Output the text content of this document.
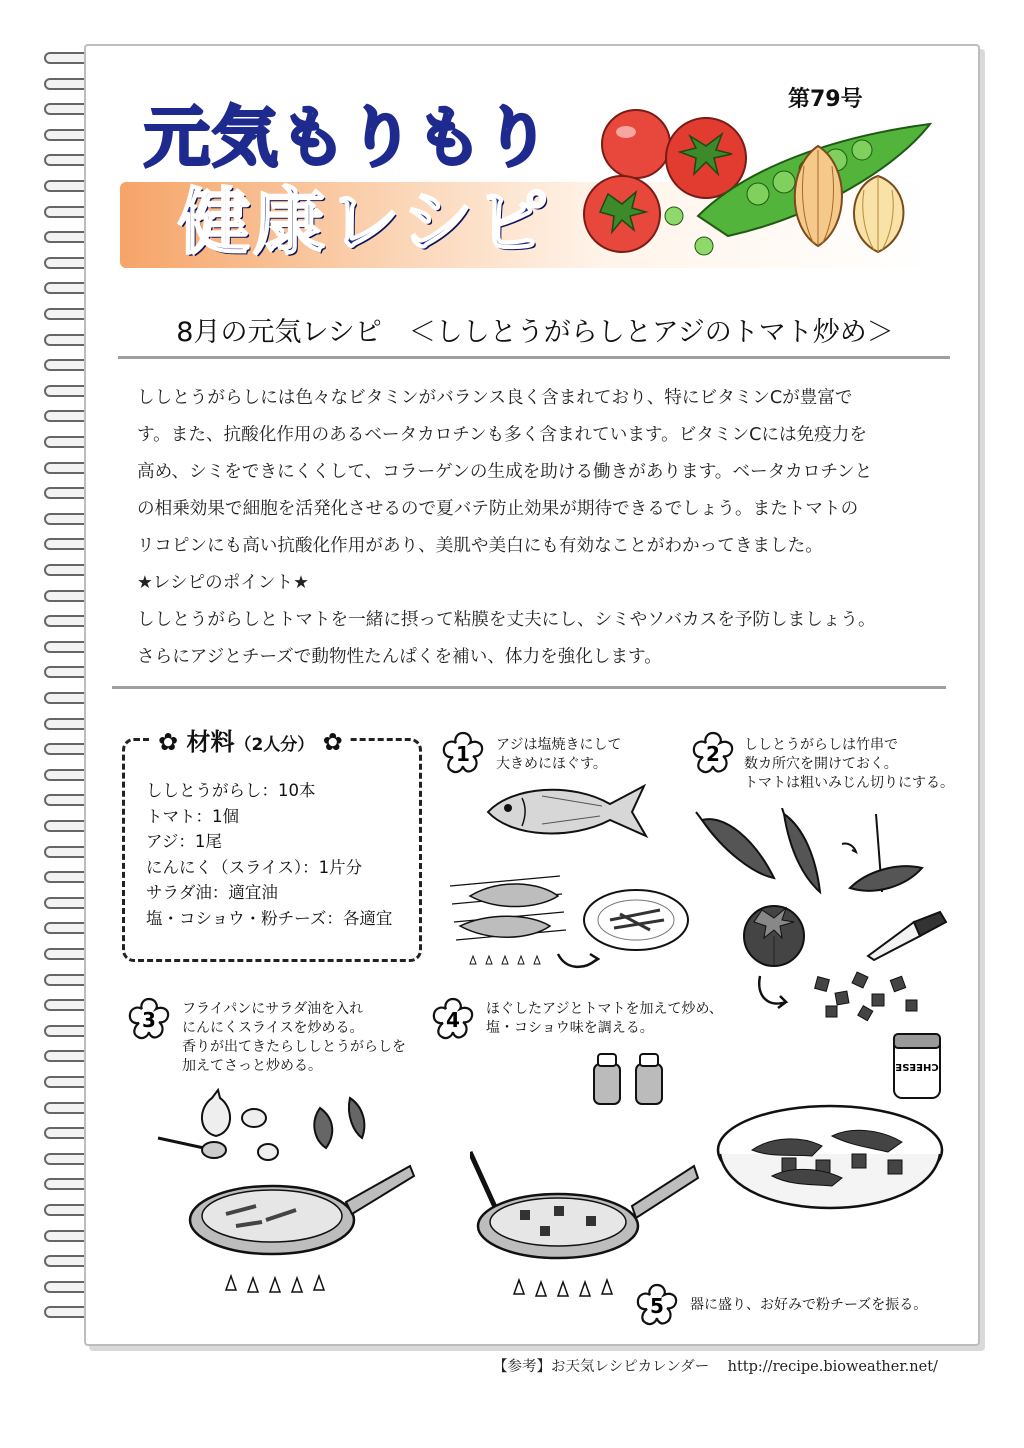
元気もりもり
健康レシピ
第79号
8月の元気レシピ　＜ししとうがらしとアジのトマト炒め＞

ししとうがらしには色々なビタミンがバランス良く含まれており、特にビタミンCが豊富で

す。また、抗酸化作用のあるベータカロチンも多く含まれています。ビタミンCには免疫力を

高め、シミをできにくくして、コラーゲンの生成を助ける働きがあります。ベータカロチンと

の相乗効果で細胞を活発化させるので夏バテ防止効果が期待できるでしょう。またトマトの

リコピンにも高い抗酸化作用があり、美肌や美白にも有効なことがわかってきました。

★レシピのポイント★

ししとうがらしとトマトを一緒に摂って粘膜を丈夫にし、シミやソバカスを予防しましょう。

さらにアジとチーズで動物性たんぱくを補い、体力を強化します。

✿ 材料（2人分） ✿
ししとうがらし：10本
トマト：1個
アジ：1尾
にんにく（スライス）：1片分
サラダ油：適宜油
塩・コショウ・粉チーズ：各適宜
1 アジは塩焼きにして
大きめにほぐす。	2 ししとうがらしは竹串で
数カ所穴を開けておく。
トマトは粗いみじん切りにする。
3 フライパンにサラダ油を入れ
にんにくスライスを炒める。
香りが出てきたらししとうがらしを
加えてさっと炒める。
4 ほぐしたアジとトマトを加えて炒め、
塩・コショウ味を調える。
5 器に盛り、お好みで粉チーズを振る。
CHEESE
【参考】お天気レシピカレンダー http://recipe.bioweather.net/
